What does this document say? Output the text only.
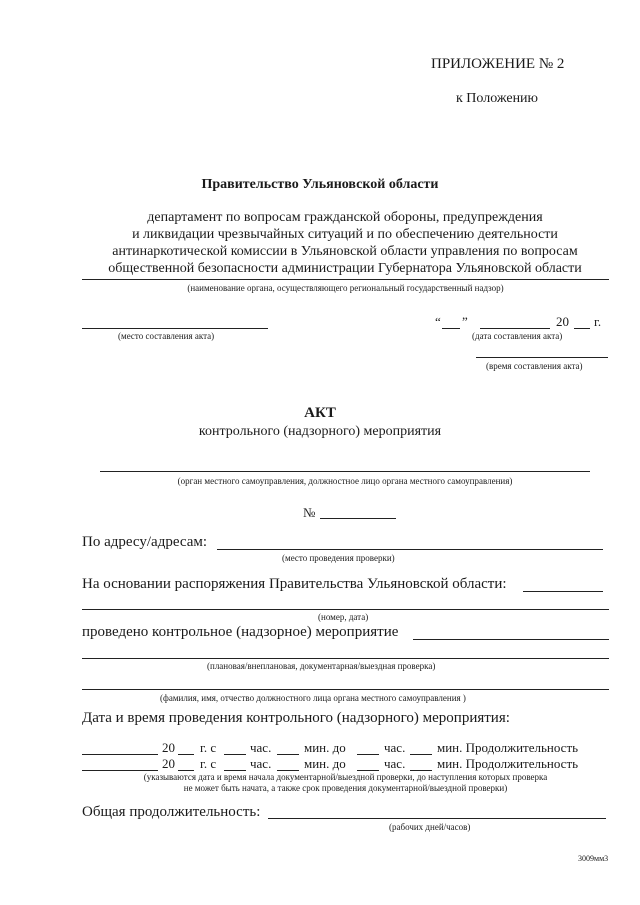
ПРИЛОЖЕНИЕ № 2
к Положению
Правительство Ульяновской области
департамент по вопросам гражданской обороны, предупреждения
и ликвидации чрезвычайных ситуаций и по обеспечению деятельности
антинаркотической комиссии в Ульяновской области управления по вопросам
общественной безопасности администрации Губернатора Ульяновской области
(наименование органа, осуществляющего региональный государственный надзор)
(место составления акта)
“ ”	20 г.
(дата составления акта)
(время составления акта)
АКТ
контрольного (надзорного) мероприятия
(орган местного самоуправления, должностное лицо органа местного самоуправления)
№
По адресу/адресам:
(место проведения проверки)
На основании распоряжения Правительства Ульяновской области:
(номер, дата)
проведено контрольное (надзорное) мероприятие
(плановая/внеплановая, документарная/выездная проверка)
(фамилия, имя, отчество должностного лица органа местного самоуправления )
Дата и время проведения контрольного (надзорного) мероприятия:
20 г. с	час.	мин. до	час. мин. Продолжительность
20 г. с	час.	мин. до	час. мин. Продолжительность
(указываются дата и время начала документарной/выездной проверки, до наступления которых проверка
не может быть начата, а также срок проведения документарной/выездной проверки)
Общая продолжительность:
(рабочих дней/часов)
3009мм3
